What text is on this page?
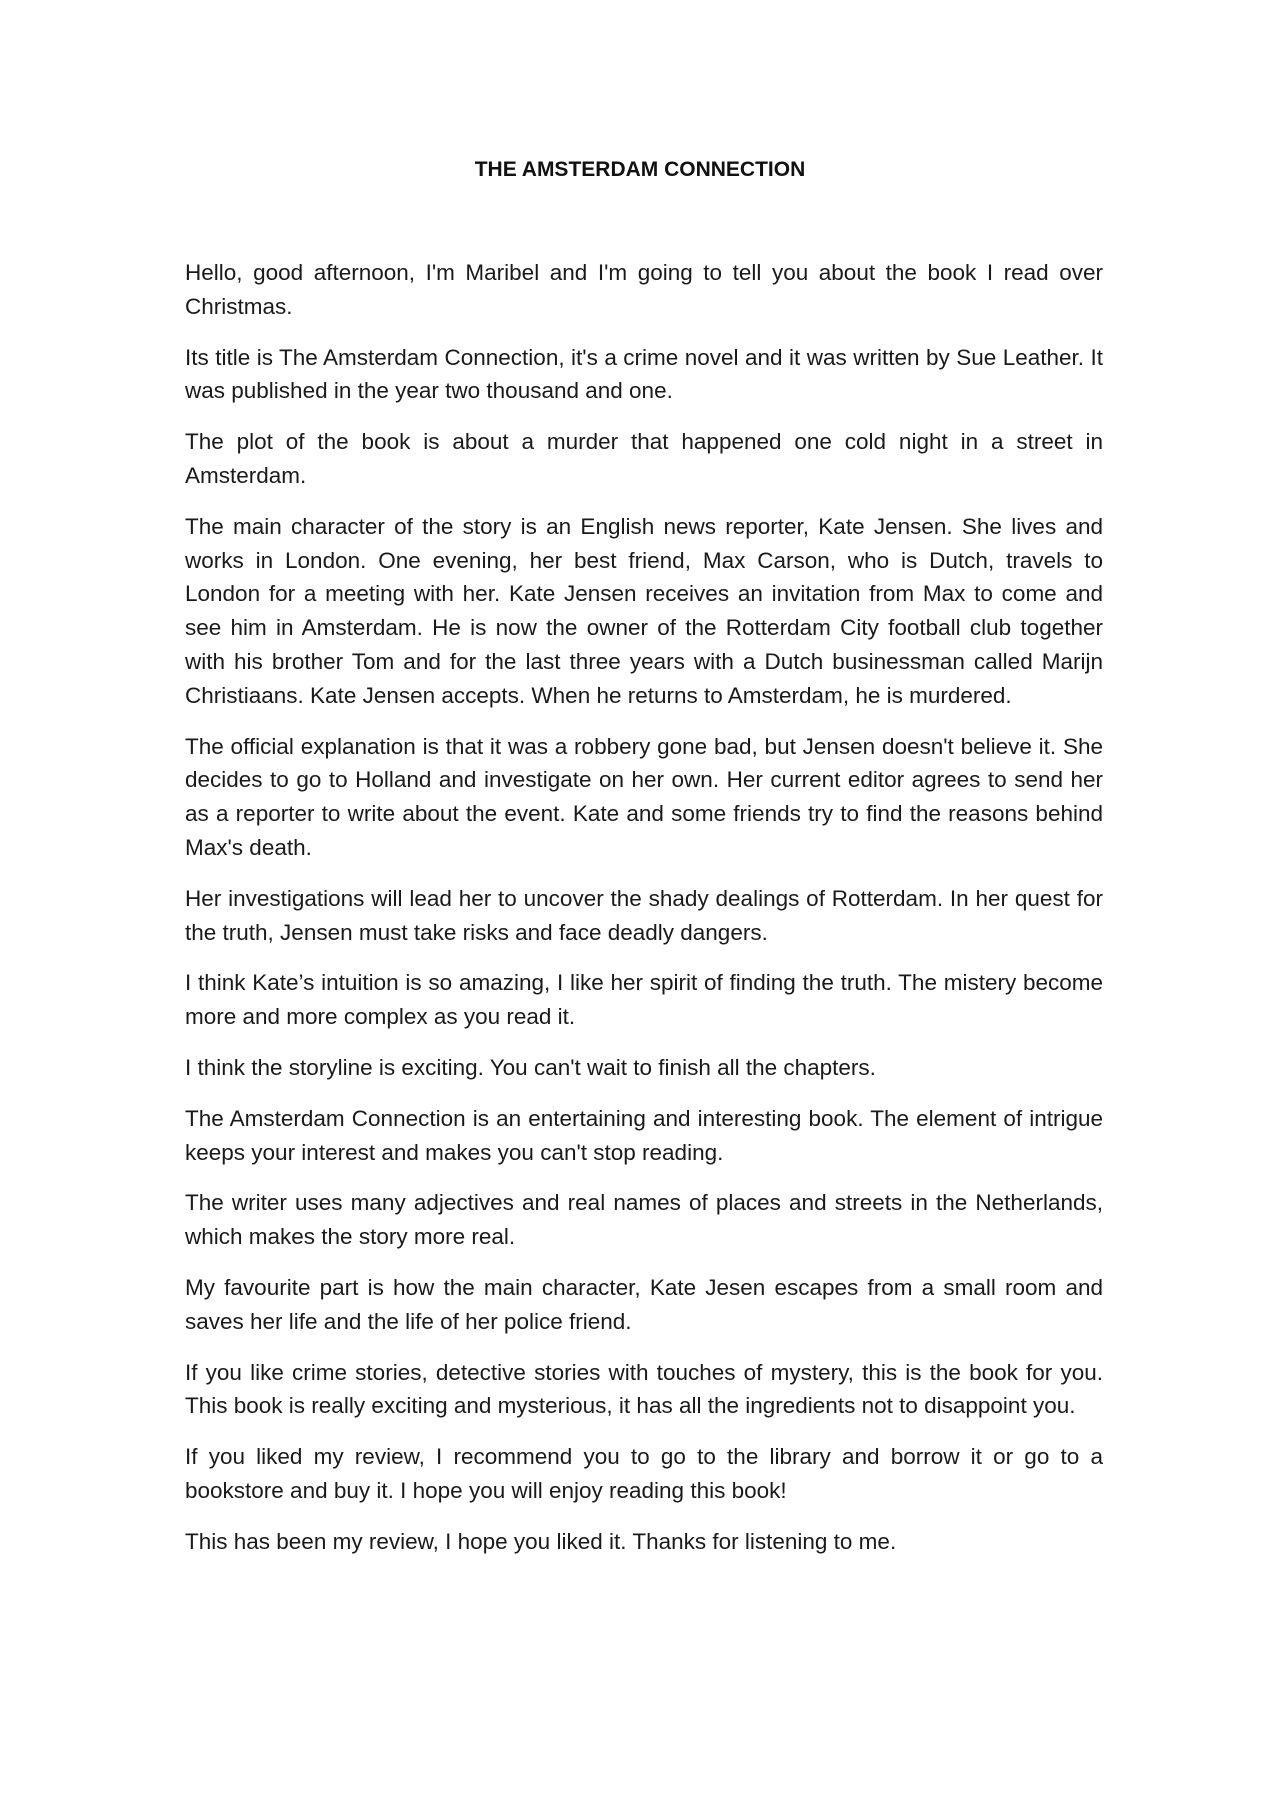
THE AMSTERDAM CONNECTION

Hello, good afternoon, I'm Maribel and I'm going to tell you about the book I read over Christmas.

Its title is The Amsterdam Connection, it's a crime novel and it was written by Sue Leather. It was published in the year two thousand and one.

The plot of the book is about a murder that happened one cold night in a street in Amsterdam.

The main character of the story is an English news reporter, Kate Jensen. She lives and works in London. One evening, her best friend, Max Carson, who is Dutch, travels to London for a meeting with her. Kate Jensen receives an invitation from Max to come and see him in Amsterdam. He is now the owner of the Rotterdam City football club together with his brother Tom and for the last three years with a Dutch businessman called Marijn Christiaans. Kate Jensen accepts. When he returns to Amsterdam, he is murdered.

The official explanation is that it was a robbery gone bad, but Jensen doesn't believe it. She decides to go to Holland and investigate on her own. Her current editor agrees to send her as a reporter to write about the event. Kate and some friends try to find the reasons behind Max's death.

Her investigations will lead her to uncover the shady dealings of Rotterdam. In her quest for the truth, Jensen must take risks and face deadly dangers.

I think Kate’s intuition is so amazing, I like her spirit of finding the truth. The mistery become more and more complex as you read it.

I think the storyline is exciting. You can't wait to finish all the chapters.

The Amsterdam Connection is an entertaining and interesting book. The element of intrigue keeps your interest and makes you can't stop reading.

The writer uses many adjectives and real names of places and streets in the Netherlands, which makes the story more real.

My favourite part is how the main character, Kate Jesen escapes from a small room and saves her life and the life of her police friend.

If you like crime stories, detective stories with touches of mystery, this is the book for you. This book is really exciting and mysterious, it has all the ingredients not to disappoint you.

If you liked my review, I recommend you to go to the library and borrow it or go to a bookstore and buy it. I hope you will enjoy reading this book!

This has been my review, I hope you liked it. Thanks for listening to me.
